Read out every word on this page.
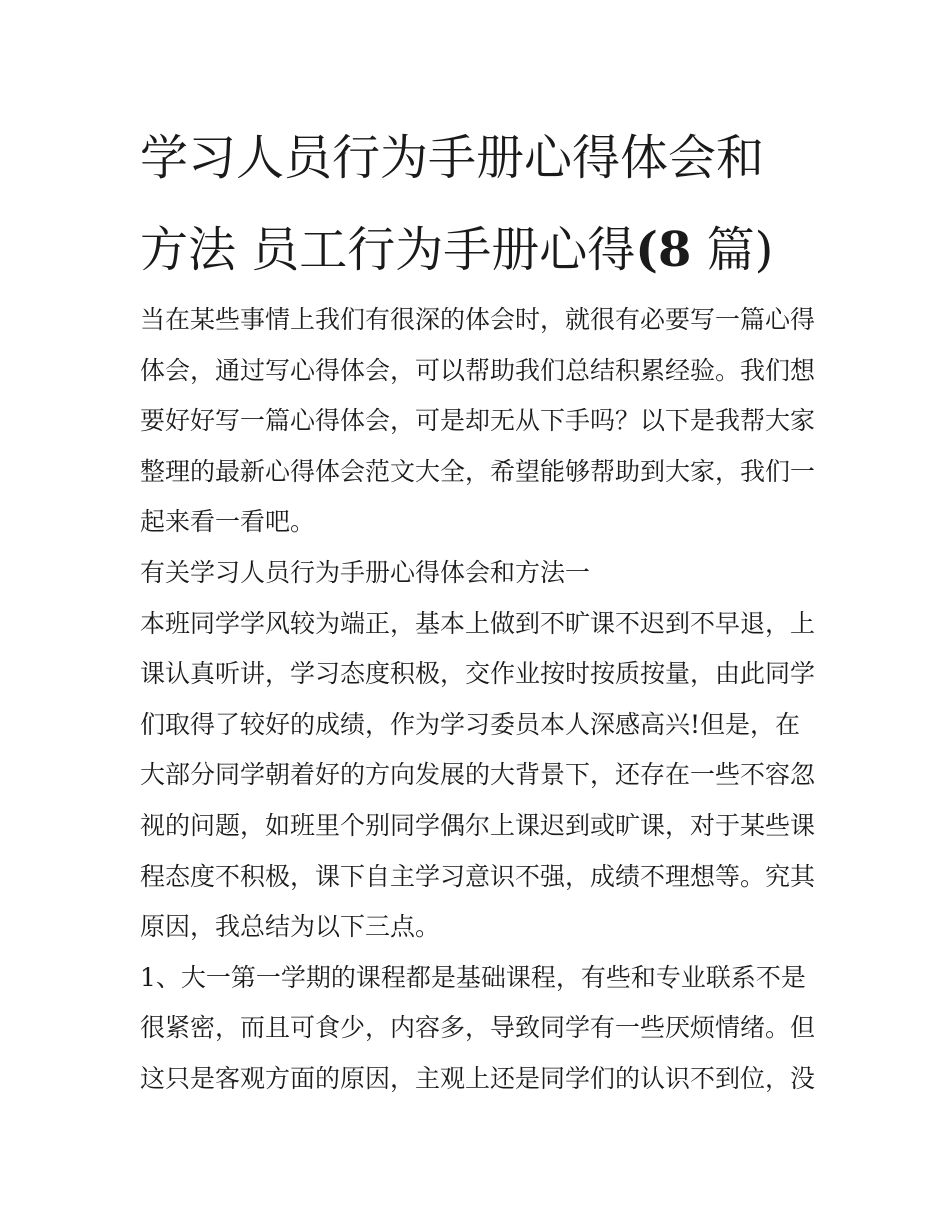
学习人员行为手册心得体会和
方法 员工行为手册心得(8 篇)
当在某些事情上我们有很深的体会时，就很有必要写一篇心得
体会，通过写心得体会，可以帮助我们总结积累经验。我们想
要好好写一篇心得体会，可是却无从下手吗？以下是我帮大家
整理的最新心得体会范文大全，希望能够帮助到大家，我们一
起来看一看吧。
有关学习人员行为手册心得体会和方法一
本班同学学风较为端正，基本上做到不旷课不迟到不早退，上
课认真听讲，学习态度积极，交作业按时按质按量，由此同学
们取得了较好的成绩，作为学习委员本人深感高兴!但是，在
大部分同学朝着好的方向发展的大背景下，还存在一些不容忽
视的问题，如班里个别同学偶尔上课迟到或旷课，对于某些课
程态度不积极，课下自主学习意识不强，成绩不理想等。究其
原因，我总结为以下三点。
1、大一第一学期的课程都是基础课程，有些和专业联系不是
很紧密，而且可食少，内容多，导致同学有一些厌烦情绪。但
这只是客观方面的原因，主观上还是同学们的认识不到位，没
